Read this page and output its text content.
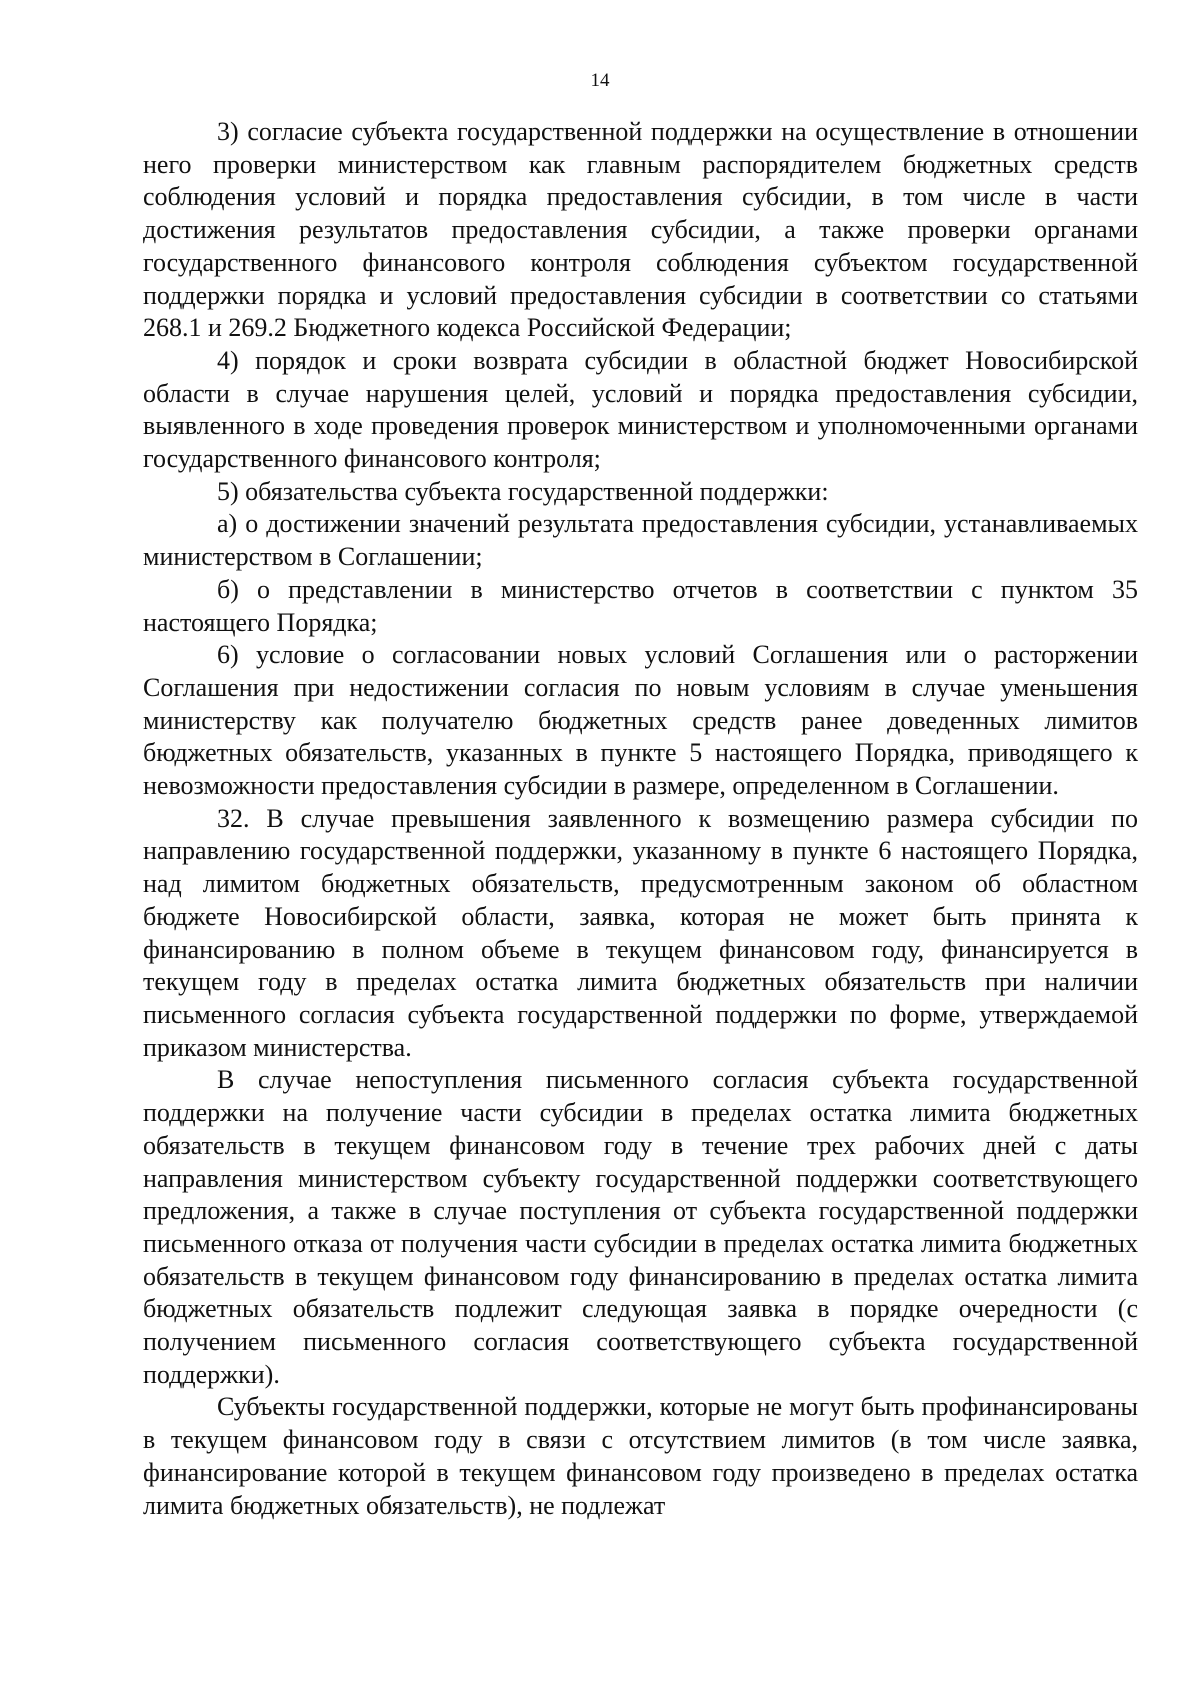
14

3) согласие субъекта государственной поддержки на осуществление в отношении него проверки министерством как главным распорядителем бюджетных средств соблюдения условий и порядка предоставления субсидии, в том числе в части достижения результатов предоставления субсидии, а также проверки органами государственного финансового контроля соблюдения субъектом государственной поддержки порядка и условий предоставления субсидии в соответствии со статьями 268.1 и 269.2 Бюджетного кодекса Российской Федерации;

4) порядок и сроки возврата субсидии в областной бюджет Новосибирской области в случае нарушения целей, условий и порядка предоставления субсидии, выявленного в ходе проведения проверок министерством и уполномоченными органами государственного финансового контроля;

5) обязательства субъекта государственной поддержки:

а) о достижении значений результата предоставления субсидии, устанавливаемых министерством в Соглашении;

б) о представлении в министерство отчетов в соответствии с пунктом 35 настоящего Порядка;

6) условие о согласовании новых условий Соглашения или о расторжении Соглашения при недостижении согласия по новым условиям в случае уменьшения министерству как получателю бюджетных средств ранее доведенных лимитов бюджетных обязательств, указанных в пункте 5 настоящего Порядка, приводящего к невозможности предоставления субсидии в размере, определенном в Соглашении.

32. В случае превышения заявленного к возмещению размера субсидии по направлению государственной поддержки, указанному в пункте 6 настоящего Порядка, над лимитом бюджетных обязательств, предусмотренным законом об областном бюджете Новосибирской области, заявка, которая не может быть принята к финансированию в полном объеме в текущем финансовом году, финансируется в текущем году в пределах остатка лимита бюджетных обязательств при наличии письменного согласия субъекта государственной поддержки по форме, утверждаемой приказом министерства.

В случае непоступления письменного согласия субъекта государственной поддержки на получение части субсидии в пределах остатка лимита бюджетных обязательств в текущем финансовом году в течение трех рабочих дней с даты направления министерством субъекту государственной поддержки соответствующего предложения, а также в случае поступления от субъекта государственной поддержки письменного отказа от получения части субсидии в пределах остатка лимита бюджетных обязательств в текущем финансовом году финансированию в пределах остатка лимита бюджетных обязательств подлежит следующая заявка в порядке очередности (с получением письменного согласия соответствующего субъекта государственной поддержки).

Субъекты государственной поддержки, которые не могут быть профинансированы в текущем финансовом году в связи с отсутствием лимитов (в том числе заявка, финансирование которой в текущем финансовом году произведено в пределах остатка лимита бюджетных обязательств), не подлежат
